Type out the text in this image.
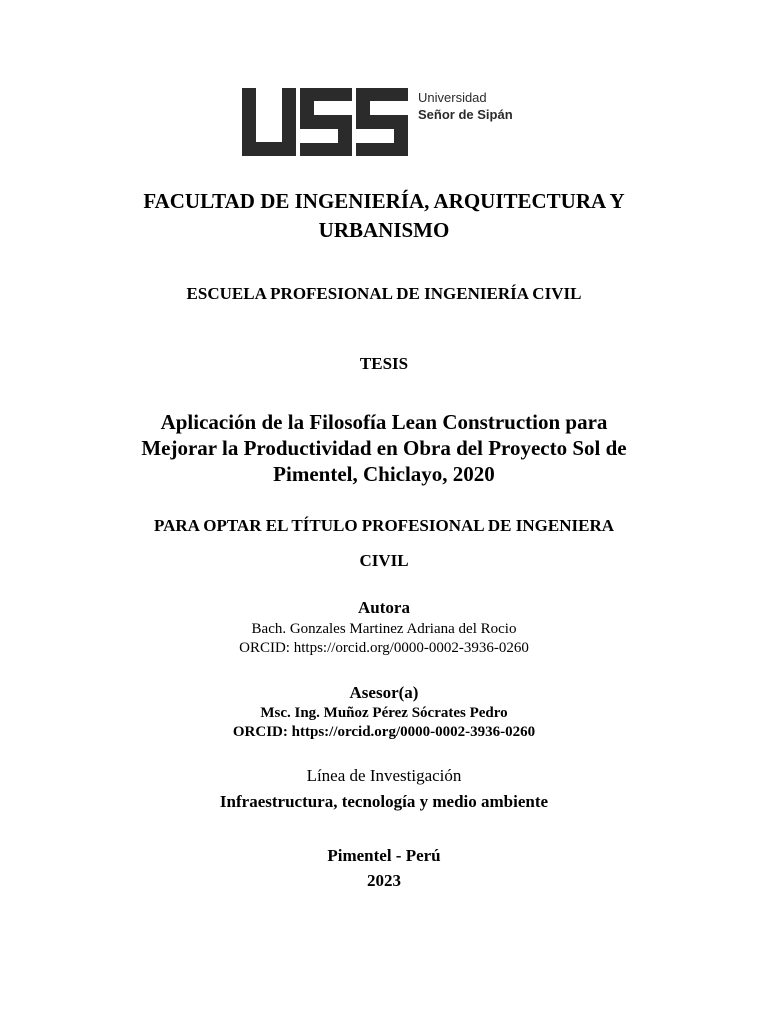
Universidad
Señor de Sipán
FACULTAD DE INGENIERÍA, ARQUITECTURA Y
URBANISMO
ESCUELA PROFESIONAL DE INGENIERÍA CIVIL
TESIS
Aplicación de la Filosofía Lean Construction para
Mejorar la Productividad en Obra del Proyecto Sol de
Pimentel, Chiclayo, 2020
PARA OPTAR EL TÍTULO PROFESIONAL DE INGENIERA
CIVIL
Autora
Bach. Gonzales Martinez Adriana del Rocio
ORCID: https://orcid.org/0000-0002-3936-0260
Asesor(a)
Msc. Ing. Muñoz Pérez Sócrates Pedro
ORCID: https://orcid.org/0000-0002-3936-0260
Línea de Investigación
Infraestructura, tecnología y medio ambiente
Pimentel - Perú
2023
